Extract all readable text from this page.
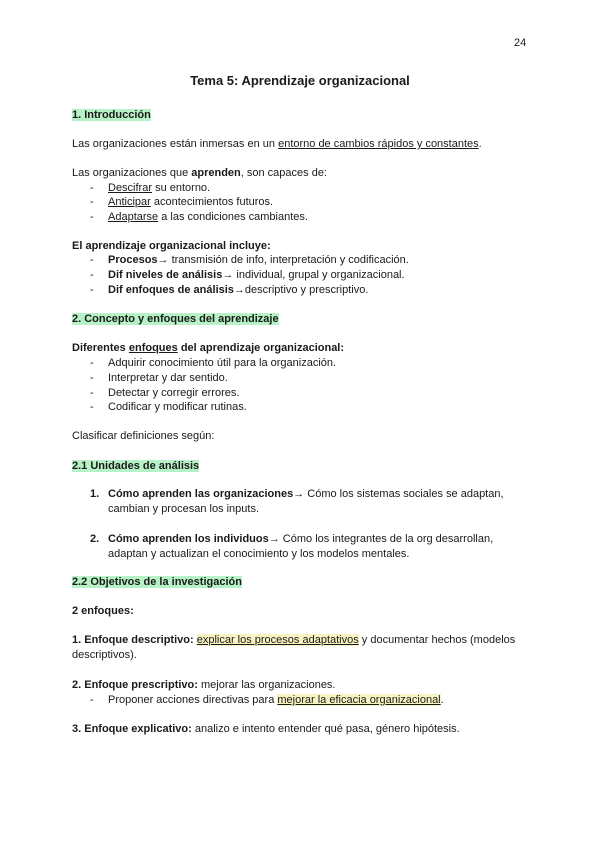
24
Tema 5: Aprendizaje organizacional
1. Introducción
Las organizaciones están inmersas en un entorno de cambios rápidos y constantes.
Las organizaciones que aprenden, son capaces de:
- Descifrar su entorno.
- Anticipar acontecimientos futuros.
- Adaptarse a las condiciones cambiantes.
El aprendizaje organizacional incluye:
- Procesos→ transmisión de info, interpretación y codificación.
- Dif niveles de análisis→ individual, grupal y organizacional.
- Dif enfoques de análisis→descriptivo y prescriptivo.
2. Concepto y enfoques del aprendizaje
Diferentes enfoques del aprendizaje organizacional:
- Adquirir conocimiento útil para la organización.
- Interpretar y dar sentido.
- Detectar y corregir errores.
- Codificar y modificar rutinas.
Clasificar definiciones según:
2.1 Unidades de análisis
1. Cómo aprenden las organizaciones→ Cómo los sistemas sociales se adaptan, cambian y procesan los inputs.
2. Cómo aprenden los individuos→ Cómo los integrantes de la org desarrollan, adaptan y actualizan el conocimiento y los modelos mentales.
2.2 Objetivos de la investigación
2 enfoques:
1. Enfoque descriptivo: explicar los procesos adaptativos y documentar hechos (modelos descriptivos).
2. Enfoque prescriptivo: mejorar las organizaciones.
- Proponer acciones directivas para mejorar la eficacia organizacional.
3. Enfoque explicativo: analizo e intento entender qué pasa, género hipótesis.
